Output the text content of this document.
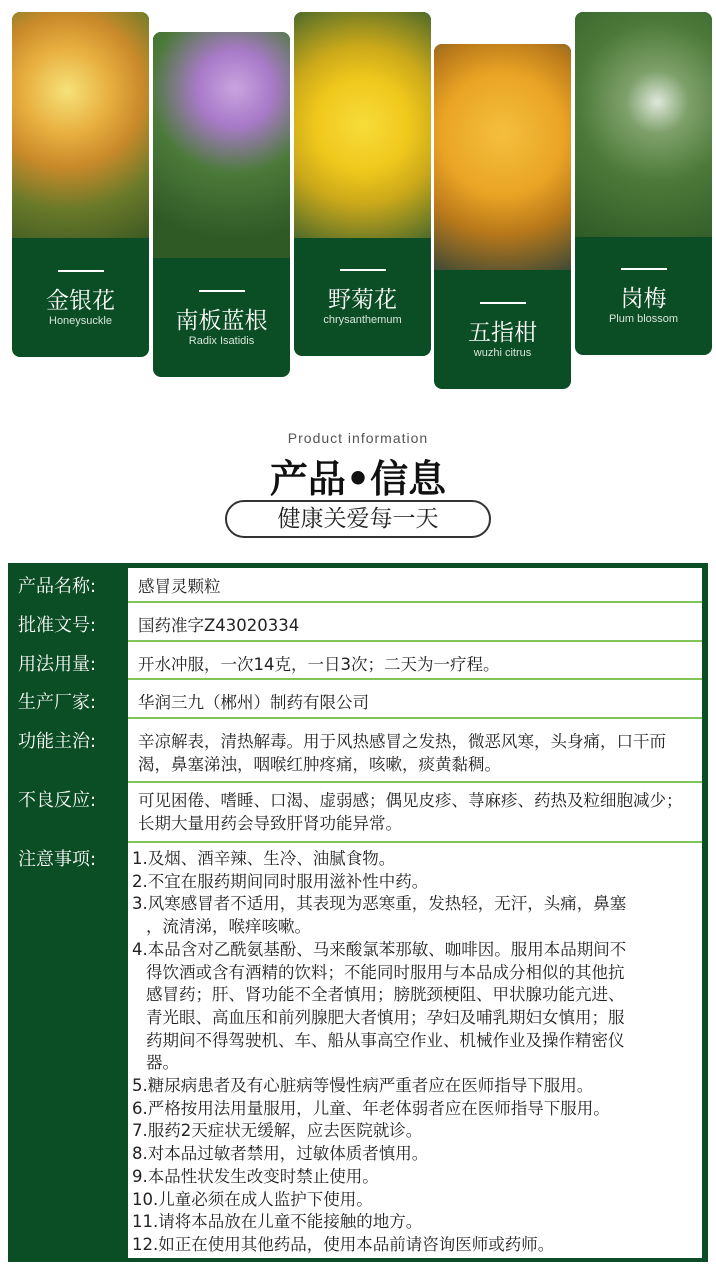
金银花
Honeysuckle	南板蓝根
Radix Isatidis
野菊花
chrysanthemum	五指柑
wuzhi citrus
岗梅
Plum blossom
Product information
产品•信息
健康关爱每一天
产品名称:	感冒灵颗粒
批准文号:	国药准字Z43020334
用法用量:	开水冲服，一次14克，一日3次；二天为一疗程。
生产厂家:	华润三九（郴州）制药有限公司
功能主治:	辛凉解表，清热解毒。用于风热感冒之发热，微恶风寒，头身痛，口干而渴，鼻塞涕浊，咽喉红肿疼痛，咳嗽，痰黄黏稠。
不良反应:	可见困倦、嗜睡、口渴、虚弱感；偶见皮疹、荨麻疹、药热及粒细胞减少；长期大量用药会导致肝肾功能异常。
注意事项:	1.及烟、酒辛辣、生冷、油腻食物。
2.不宜在服药期间同时服用滋补性中药。
3.风寒感冒者不适用，其表现为恶寒重，发热轻，无汗，头痛，鼻塞
，流清涕，喉痒咳嗽。
4.本品含对乙酰氨基酚、马来酸氯苯那敏、咖啡因。服用本品期间不
得饮酒或含有酒精的饮料；不能同时服用与本品成分相似的其他抗
感冒药；肝、肾功能不全者慎用；膀胱颈梗阻、甲状腺功能亢进、
青光眼、高血压和前列腺肥大者慎用；孕妇及哺乳期妇女慎用；服
药期间不得驾驶机、车、船从事高空作业、机械作业及操作精密仪
器。
5.糖尿病患者及有心脏病等慢性病严重者应在医师指导下服用。
6.严格按用法用量服用，儿童、年老体弱者应在医师指导下服用。
7.服药2天症状无缓解，应去医院就诊。
8.对本品过敏者禁用，过敏体质者慎用。
9.本品性状发生改变时禁止使用。
10.儿童必须在成人监护下使用。
11.请将本品放在儿童不能接触的地方。
12.如正在使用其他药品，使用本品前请咨询医师或药师。
